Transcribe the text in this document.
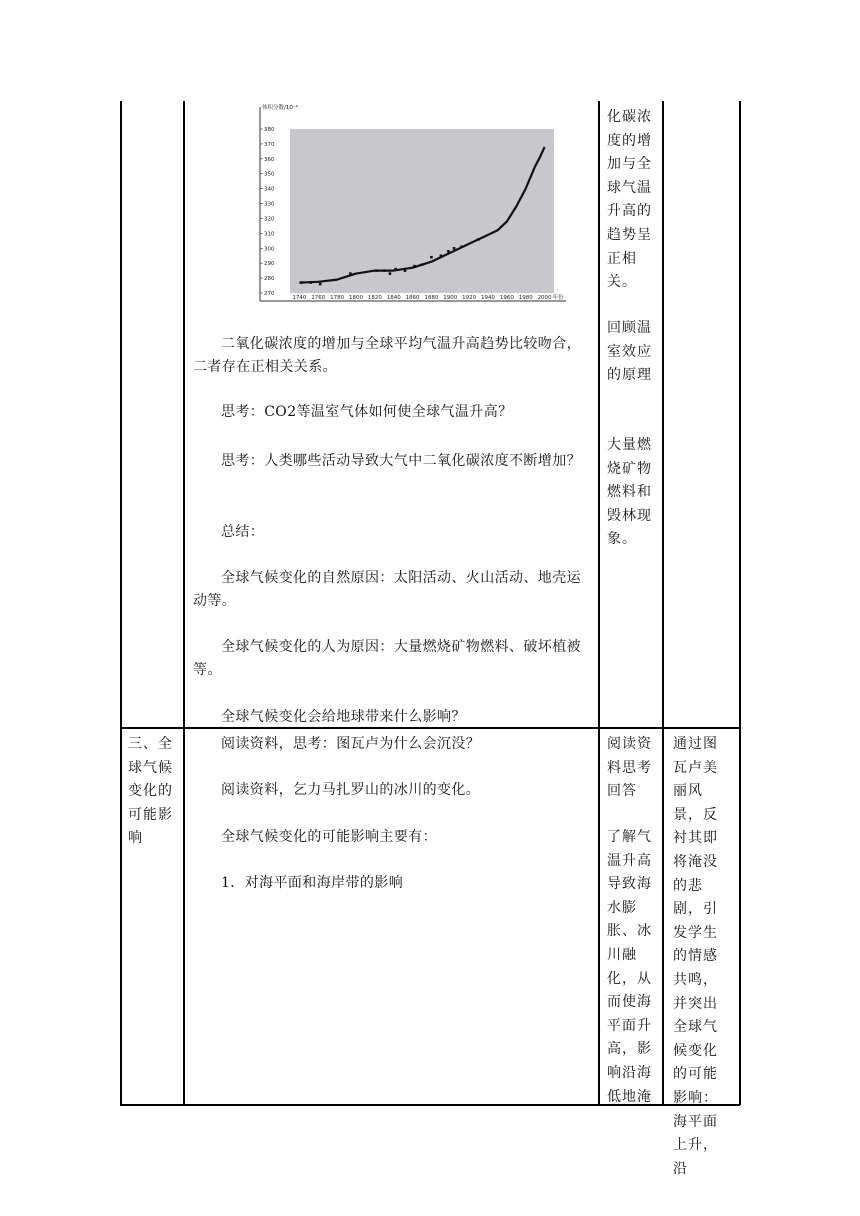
体积分数/10⁻⁶
270
280
290
300
310
320
330
340
350
360
370
380
1740 1760 1780 1800 1820 1840 1860 1880 1900 1920 1940 1960 1980 2000 年份

二氧化碳浓度的增加与全球平均气温升高趋势比较吻合，二者存在正相关关系。

思考：CO2等温室气体如何使全球气温升高？

思考：人类哪些活动导致大气中二氧化碳浓度不断增加？

总结：

全球气候变化的自然原因：太阳活动、火山活动、地壳运动等。

全球气候变化的人为原因：大量燃烧矿物燃料、破坏植被等。

全球气候变化会给地球带来什么影响？

阅读资料，思考：图瓦卢为什么会沉没？

阅读资料，乞力马扎罗山的冰川的变化。

全球气候变化的可能影响主要有：

1．对海平面和海岸带的影响

化碳浓度的增加与全球气温升高的趋势呈正相关。

回顾温室效应的原理

大量燃烧矿物燃料和毁林现象。

阅读资料思考回答

了解气温升高导致海水膨胀、冰川融化，从而使海平面升高，影响沿海低地淹

三、全球气候变化的可能影响

通过图瓦卢美丽风景，反衬其即将淹没的悲剧，引发学生的情感共鸣，并突出全球气候变化的可能影响：海平面上升，沿
